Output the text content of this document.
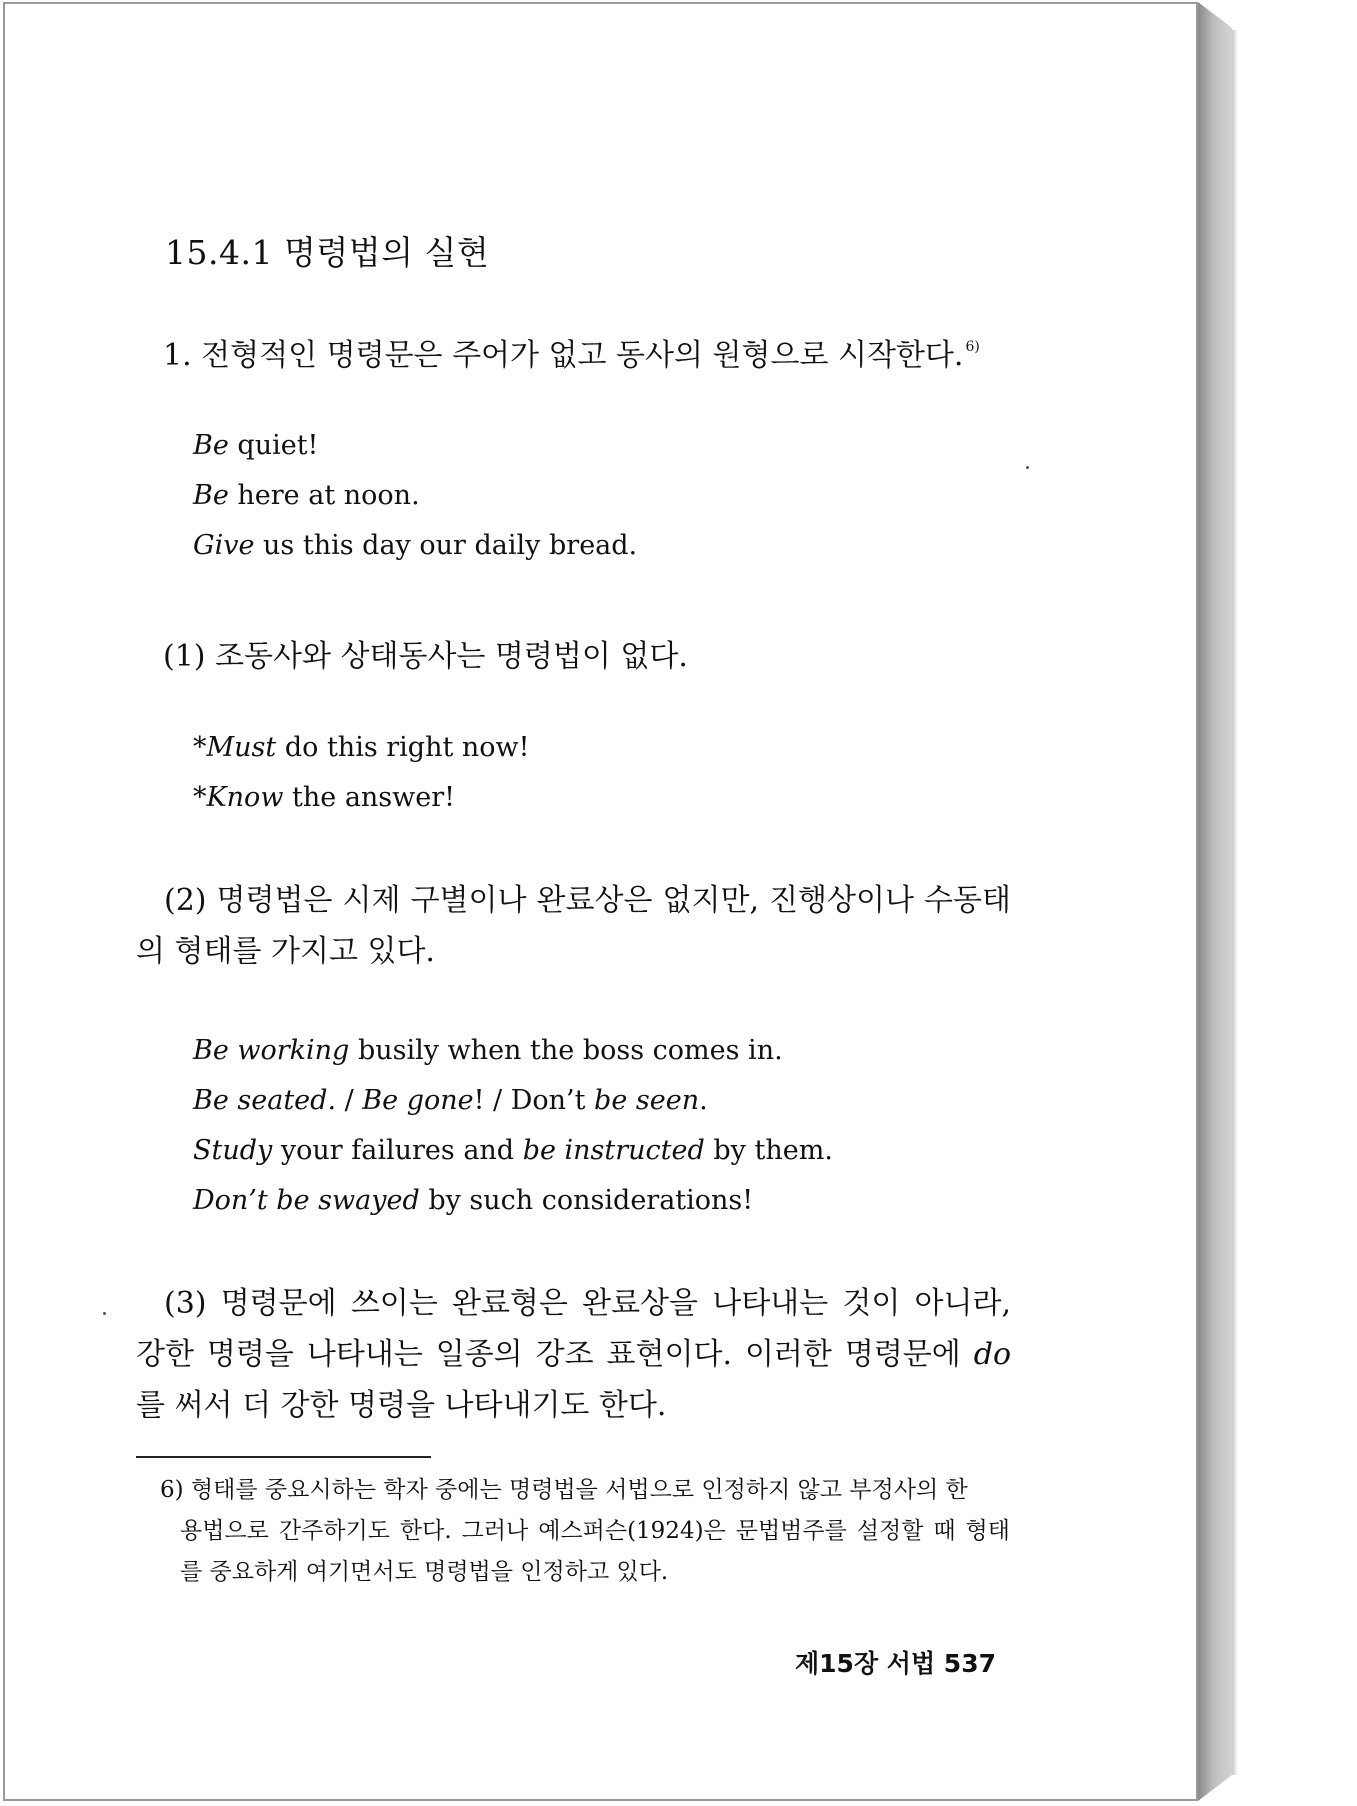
15.4.1 명령법의 실현
1. 전형적인 명령문은 주어가 없고 동사의 원형으로 시작한다. $^{6)}$
Be quiet!
Be here at noon.
Give us this day our daily bread.
(1) 조동사와 상태동사는 명령법이 없다.
*Must do this right now!
*Know the answer!
(2) 명령법은 시제 구별이나 완료상은 없지만, 진행상이나 수동태의 형태를 가지고 있다.
Be working busily when the boss comes in.
Be seated. / Be gone! / Don’t be seen.
Study your failures and be instructed by them.
Don’t be swayed by such considerations!
(3) 명령문에 쓰이는 완료형은 완료상을 나타내는 것이 아니라, 강한 명령을 나타내는 일종의 강조 표현이다. 이러한 명령문에 do를 써서 더 강한 명령을 나타내기도 한다.
6) 형태를 중요시하는 학자 중에는 명령법을 서법으로 인정하지 않고 부정사의 한
용법으로 간주하기도 한다. 그러나 예스퍼슨(1924)은 문법범주를 설정할 때 형태를 중요하게 여기면서도 명령법을 인정하고 있다.
제15장 서법 537
